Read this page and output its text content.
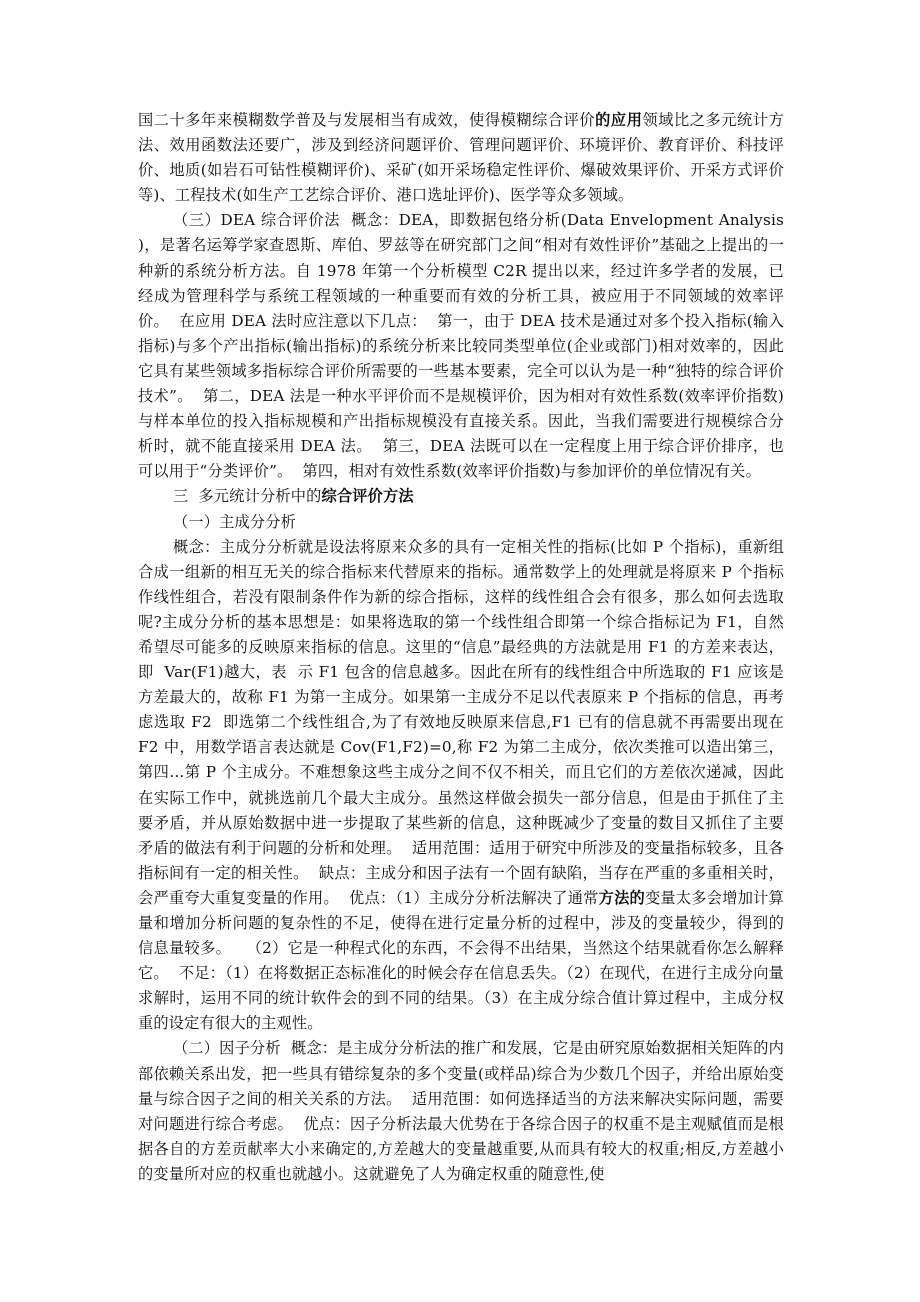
国二十多年来模糊数学普及与发展相当有成效，使得模糊综合评价的应用领域比之多元统计方法、效用函数法还要广，涉及到经济问题评价、管理问题评价、环境评价、教育评价、科技评价、地质(如岩石可钻性模糊评价)、采矿(如开采场稳定性评价、爆破效果评价、开采方式评价等)、工程技术(如生产工艺综合评价、港口选址评价)、医学等众多领域。

（三）DEA 综合评价法  概念：DEA，即数据包络分析(Data Envelopment Analysis )，是著名运筹学家查恩斯、库伯、罗兹等在研究部门之间“相对有效性评价”基础之上提出的一种新的系统分析方法。自 1978 年第一个分析模型 C2R 提出以来，经过许多学者的发展，已经成为管理科学与系统工程领域的一种重要而有效的分析工具，被应用于不同领域的效率评价。  在应用 DEA 法时应注意以下几点：  第一，由于 DEA 技术是通过对多个投入指标(输入指标)与多个产出指标(输出指标)的系统分析来比较同类型单位(企业或部门)相对效率的，因此它具有某些领域多指标综合评价所需要的一些基本要素，完全可以认为是一种“独特的综合评价技术”。  第二，DEA 法是一种水平评价而不是规模评价，因为相对有效性系数(效率评价指数)与样本单位的投入指标规模和产出指标规模没有直接关系。因此，当我们需要进行规模综合分析时，就不能直接采用 DEA 法。  第三，DEA 法既可以在一定程度上用于综合评价排序，也可以用于“分类评价”。  第四，相对有效性系数(效率评价指数)与参加评价的单位情况有关。

三  多元统计分析中的综合评价方法

（一）主成分分析

概念：主成分分析就是设法将原来众多的具有一定相关性的指标(比如 P 个指标)，重新组合成一组新的相互无关的综合指标来代替原来的指标。通常数学上的处理就是将原来 P 个指标作线性组合，若没有限制条件作为新的综合指标，这样的线性组合会有很多，那么如何去选取呢?主成分分析的基本思想是：如果将选取的第一个线性组合即第一个综合指标记为 F1，自然希望尽可能多的反映原来指标的信息。这里的“信息”最经典的方法就是用 F1 的方差来表达，即  Var(F1)越大，表  示 F1 包含的信息越多。因此在所有的线性组合中所选取的 F1 应该是方差最大的，故称 F1 为第一主成分。如果第一主成分不足以代表原来 P 个指标的信息，再考虑选取 F2  即选第二个线性组合,为了有效地反映原来信息,F1 已有的信息就不再需要出现在 F2 中，用数学语言表达就是 Cov(F1,F2)=0,称 F2 为第二主成分，依次类推可以造出第三，第四…第 P 个主成分。不难想象这些主成分之间不仅不相关，而且它们的方差依次递减，因此在实际工作中，就挑选前几个最大主成分。虽然这样做会损失一部分信息，但是由于抓住了主要矛盾，并从原始数据中进一步提取了某些新的信息，这种既减少了变量的数目又抓住了主要矛盾的做法有利于问题的分析和处理。  适用范围：适用于研究中所涉及的变量指标较多，且各指标间有一定的相关性。  缺点：主成分和因子法有一个固有缺陷，当存在严重的多重相关时，会严重夸大重复变量的作用。  优点：（1）主成分分析法解决了通常方法的变量太多会增加计算量和增加分析问题的复杂性的不足，使得在进行定量分析的过程中，涉及的变量较少，得到的信息量较多。   （2）它是一种程式化的东西，不会得不出结果，当然这个结果就看你怎么解释它。  不足：（1）在将数据正态标准化的时候会存在信息丢失。（2）在现代，在进行主成分向量求解时，运用不同的统计软件会的到不同的结果。（3）在主成分综合值计算过程中，主成分权重的设定有很大的主观性。

（二）因子分析  概念：是主成分分析法的推广和发展，它是由研究原始数据相关矩阵的内部依赖关系出发，把一些具有错综复杂的多个变量(或样品)综合为少数几个因子，并给出原始变量与综合因子之间的相关关系的方法。  适用范围：如何选择适当的方法来解决实际问题，需要对问题进行综合考虑。  优点：因子分析法最大优势在于各综合因子的权重不是主观赋值而是根据各自的方差贡献率大小来确定的,方差越大的变量越重要,从而具有较大的权重;相反,方差越小的变量所对应的权重也就越小。这就避免了人为确定权重的随意性,使
